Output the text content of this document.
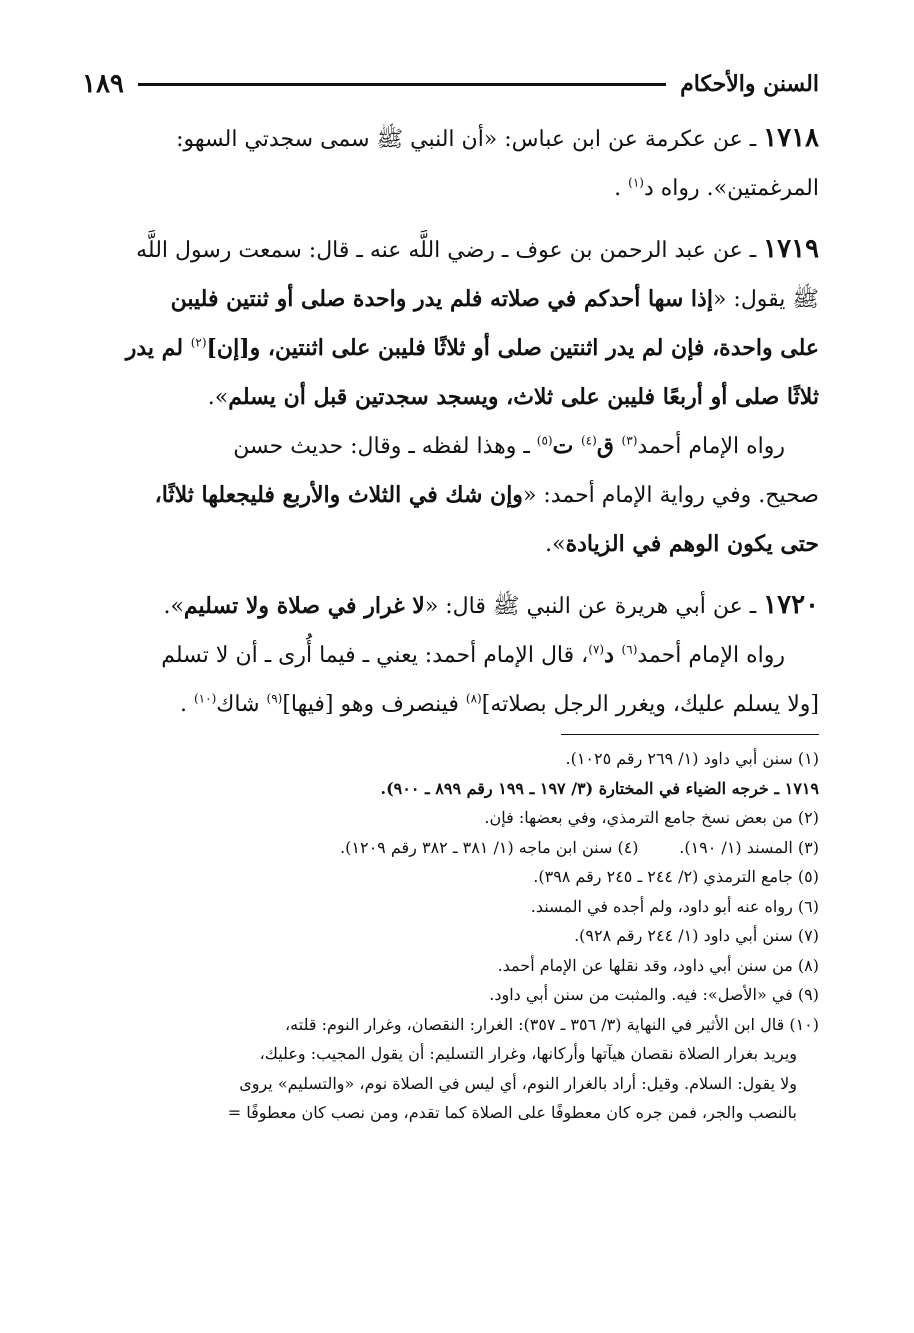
السنن والأحكام
١٨٩

١٧١٨ ـ عن عكرمة عن ابن عباس: «أن النبي ﷺ سمى سجدتي السهو:

المرغمتين». رواه د$^{(١)}$ .

١٧١٩ ـ عن عبد الرحمن بن عوف ـ رضي اللَّه عنه ـ قال: سمعت رسول اللَّه

ﷺ يقول: «إذا سها أحدكم في صلاته فلم يدر واحدة صلى أو ثنتين فليبن

على واحدة، فإن لم يدر اثنتين صلى أو ثلاثًا فليبن على اثنتين، و[إن]$^{(٢)}$ لم يدر

ثلاثًا صلى أو أربعًا فليبن على ثلاث، ويسجد سجدتين قبل أن يسلم».

رواه الإمام أحمد$^{(٣)}$ ق$^{(٤)}$ ت$^{(٥)}$ ـ وهذا لفظه ـ وقال: حديث حسن

صحيح. وفي رواية الإمام أحمد: «وإن شك في الثلاث والأربع فليجعلها ثلاثًا،

حتى يكون الوهم في الزيادة».

١٧٢٠ ـ عن أبي هريرة عن النبي ﷺ قال: «لا غرار في صلاة ولا تسليم».

رواه الإمام أحمد$^{(٦)}$ د$^{(٧)}$، قال الإمام أحمد: يعني ـ فيما أُرى ـ أن لا تسلم

[ولا يسلم عليك، ويغرر الرجل بصلاته]$^{(٨)}$ فينصرف وهو [فيها]$^{(٩)}$ شاك$^{(١٠)}$ .

(١) سنن أبي داود (١/ ٢٦٩ رقم ١٠٢٥).
١٧١٩ ـ خرجه الضياء في المختارة (٣/ ١٩٧ ـ ١٩٩ رقم ٨٩٩ ـ ٩٠٠).
(٢) من بعض نسخ جامع الترمذي، وفي بعضها: فإن.
(٣) المسند (١/ ١٩٠).        (٤) سنن ابن ماجه (١/ ٣٨١ ـ ٣٨٢ رقم ١٢٠٩).
(٥) جامع الترمذي (٢/ ٢٤٤ ـ ٢٤٥ رقم ٣٩٨).
(٦) رواه عنه أبو داود، ولم أجده في المسند.
(٧) سنن أبي داود (١/ ٢٤٤ رقم ٩٢٨).
(٨) من سنن أبي داود، وقد نقلها عن الإمام أحمد.
(٩) في «الأصل»: فيه. والمثبت من سنن أبي داود.
(١٠) قال ابن الأثير في النهاية (٣/ ٣٥٦ ـ ٣٥٧): الغرار: النقصان، وغرار النوم: قلته،
ويريد بغرار الصلاة نقصان هيآتها وأركانها، وغرار التسليم: أن يقول المجيب: وعليك،
ولا يقول: السلام. وقيل: أراد بالغرار النوم، أي ليس في الصلاة نوم، «والتسليم» يروى
بالنصب والجر، فمن جره كان معطوفًا على الصلاة كما تقدم، ومن نصب كان معطوفًا =
